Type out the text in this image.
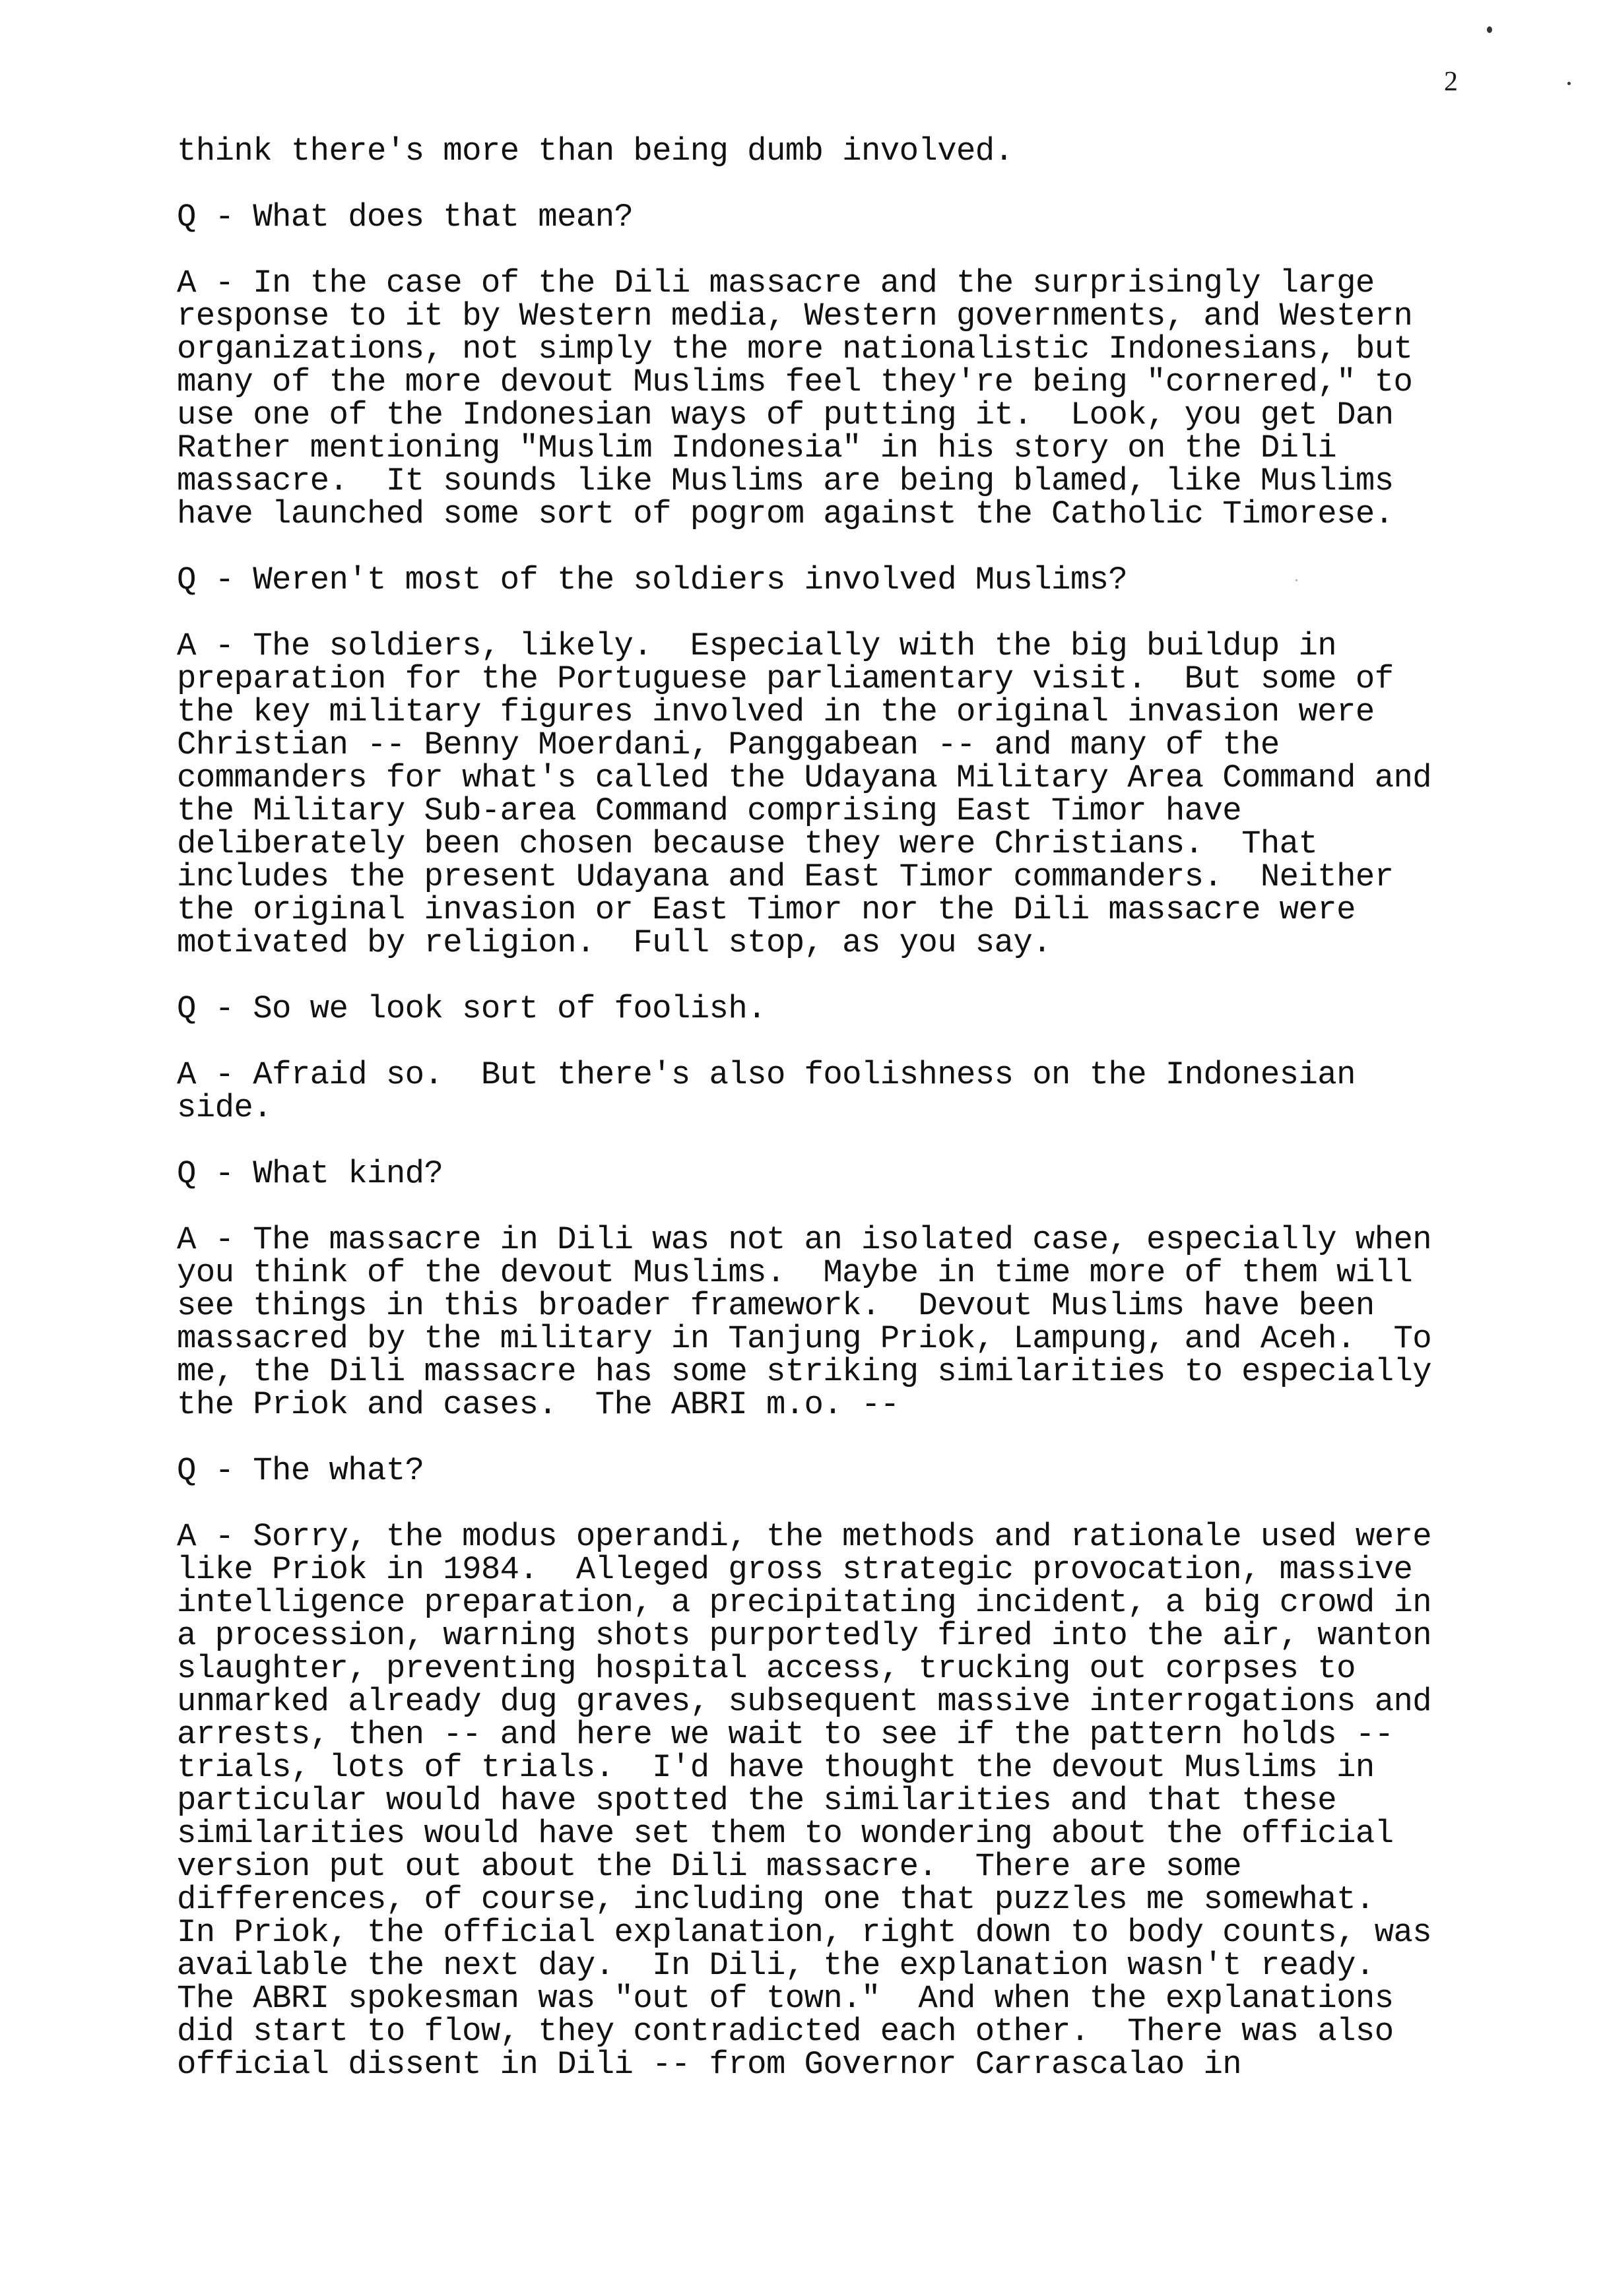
2
think there's more than being dumb involved.
Q - What does that mean?
A - In the case of the Dili massacre and the surprisingly large
response to it by Western media, Western governments, and Western
organizations, not simply the more nationalistic Indonesians, but
many of the more devout Muslims feel they're being "cornered," to
use one of the Indonesian ways of putting it.  Look, you get Dan
Rather mentioning "Muslim Indonesia" in his story on the Dili
massacre.  It sounds like Muslims are being blamed, like Muslims
have launched some sort of pogrom against the Catholic Timorese.
Q - Weren't most of the soldiers involved Muslims?
A - The soldiers, likely.  Especially with the big buildup in
preparation for the Portuguese parliamentary visit.  But some of
the key military figures involved in the original invasion were
Christian -- Benny Moerdani, Panggabean -- and many of the
commanders for what's called the Udayana Military Area Command and
the Military Sub-area Command comprising East Timor have
deliberately been chosen because they were Christians.  That
includes the present Udayana and East Timor commanders.  Neither
the original invasion or East Timor nor the Dili massacre were
motivated by religion.  Full stop, as you say.
Q - So we look sort of foolish.
A - Afraid so.  But there's also foolishness on the Indonesian
side.
Q - What kind?
A - The massacre in Dili was not an isolated case, especially when
you think of the devout Muslims.  Maybe in time more of them will
see things in this broader framework.  Devout Muslims have been
massacred by the military in Tanjung Priok, Lampung, and Aceh.  To
me, the Dili massacre has some striking similarities to especially
the Priok and cases.  The ABRI m.o. --
Q - The what?
A - Sorry, the modus operandi, the methods and rationale used were
like Priok in 1984.  Alleged gross strategic provocation, massive
intelligence preparation, a precipitating incident, a big crowd in
a procession, warning shots purportedly fired into the air, wanton
slaughter, preventing hospital access, trucking out corpses to
unmarked already dug graves, subsequent massive interrogations and
arrests, then -- and here we wait to see if the pattern holds --
trials, lots of trials.  I'd have thought the devout Muslims in
particular would have spotted the similarities and that these
similarities would have set them to wondering about the official
version put out about the Dili massacre.  There are some
differences, of course, including one that puzzles me somewhat.
In Priok, the official explanation, right down to body counts, was
available the next day.  In Dili, the explanation wasn't ready.
The ABRI spokesman was "out of town."  And when the explanations
did start to flow, they contradicted each other.  There was also
official dissent in Dili -- from Governor Carrascalao in
